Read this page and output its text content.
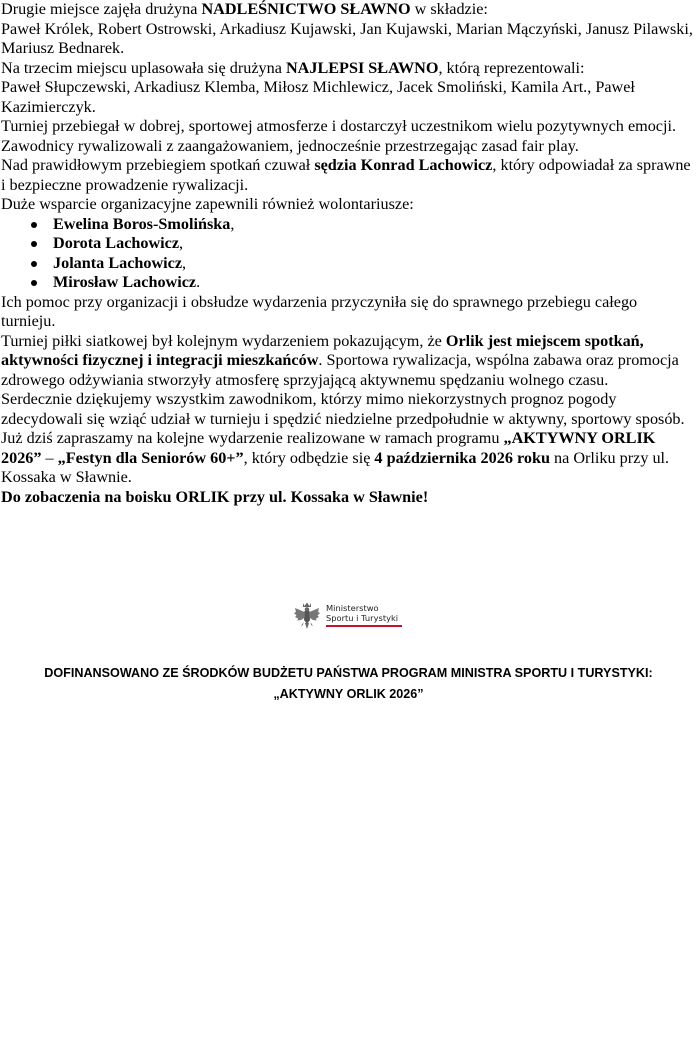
Drugie miejsce zajęła drużyna NADLEŚNICTWO SŁAWNO w składzie:

Paweł Królek, Robert Ostrowski, Arkadiusz Kujawski, Jan Kujawski, Marian Mączyński, Janusz Pilawski, Mariusz Bednarek.

Na trzecim miejscu uplasowała się drużyna NAJLEPSI SŁAWNO, którą reprezentowali:

Paweł Słupczewski, Arkadiusz Klemba, Miłosz Michlewicz, Jacek Smoliński, Kamila Art., Paweł Kazimierczyk.

Turniej przebiegał w dobrej, sportowej atmosferze i dostarczył uczestnikom wielu pozytywnych emocji. Zawodnicy rywalizowali z zaangażowaniem, jednocześnie przestrzegając zasad fair play.

Nad prawidłowym przebiegiem spotkań czuwał sędzia Konrad Lachowicz, który odpowiadał za sprawne i bezpieczne prowadzenie rywalizacji.

Duże wsparcie organizacyjne zapewnili również wolontariusze:

Ewelina Boros-Smolińska,
Dorota Lachowicz,
Jolanta Lachowicz,
Mirosław Lachowicz.

Ich pomoc przy organizacji i obsłudze wydarzenia przyczyniła się do sprawnego przebiegu całego turnieju.

Turniej piłki siatkowej był kolejnym wydarzeniem pokazującym, że Orlik jest miejscem spotkań, aktywności fizycznej i integracji mieszkańców. Sportowa rywalizacja, wspólna zabawa oraz promocja zdrowego odżywiania stworzyły atmosferę sprzyjającą aktywnemu spędzaniu wolnego czasu.

Serdecznie dziękujemy wszystkim zawodnikom, którzy mimo niekorzystnych prognoz pogody zdecydowali się wziąć udział w turnieju i spędzić niedzielne przedpołudnie w aktywny, sportowy sposób.

Już dziś zapraszamy na kolejne wydarzenie realizowane w ramach programu „AKTYWNY ORLIK 2026” – „Festyn dla Seniorów 60+”, który odbędzie się 4 października 2026 roku na Orliku przy ul. Kossaka w Sławnie.

Do zobaczenia na boisku ORLIK przy ul. Kossaka w Sławnie!

Ministerstwo
Sportu i Turystyki
DOFINANSOWANO ZE ŚRODKÓW BUDŻETU PAŃSTWA PROGRAM MINISTRA SPORTU I TURYSTYKI:
„AKTYWNY ORLIK 2026”
